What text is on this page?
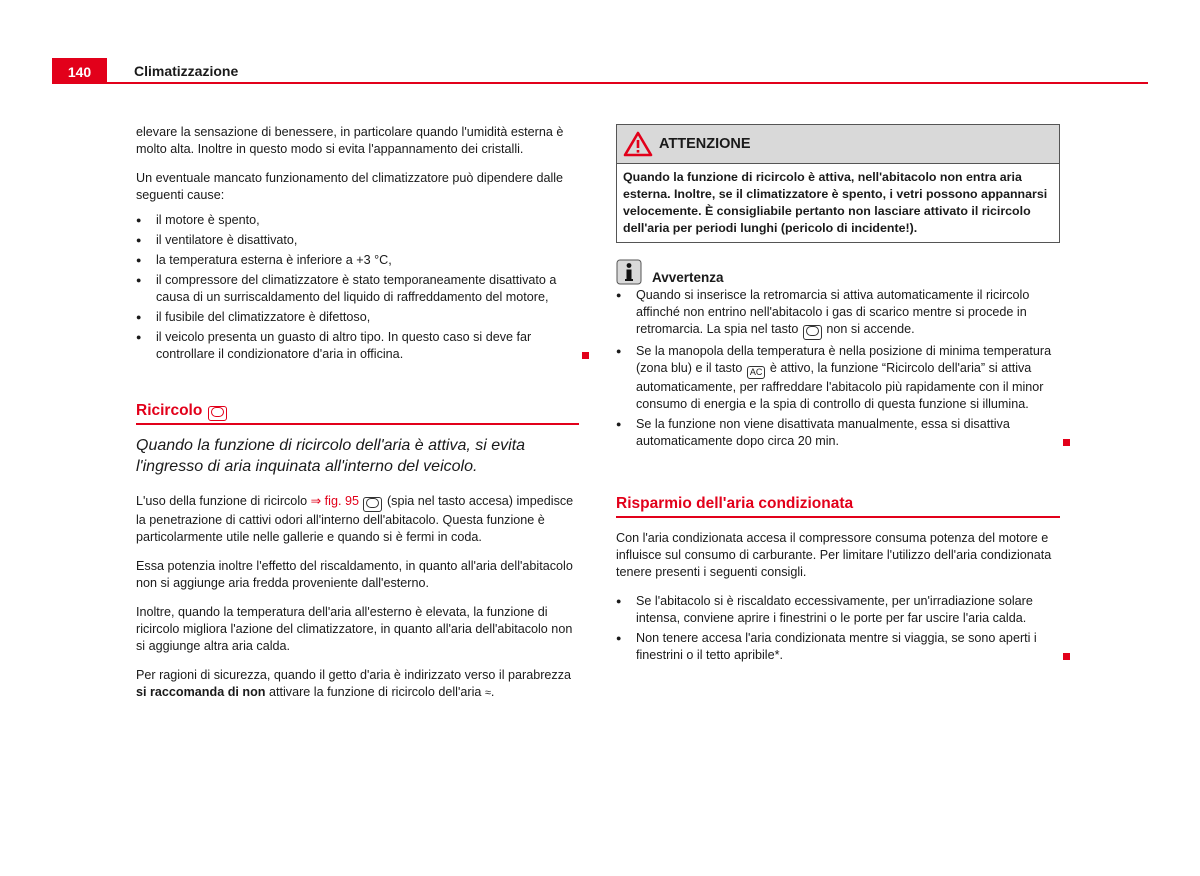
140	Climatizzazione

elevare la sensazione di benessere, in particolare quando l'umidità esterna è molto alta. Inoltre in questo modo si evita l'appannamento dei cristalli.

Un eventuale mancato funzionamento del climatizzatore può dipendere dalle seguenti cause:

● il motore è spento,
● il ventilatore è disattivato,
● la temperatura esterna è inferiore a +3 °C,
● il compressore del climatizzatore è stato temporaneamente disattivato a causa di un surriscaldamento del liquido di raffreddamento del motore,
● il fusibile del climatizzatore è difettoso,
● il veicolo presenta un guasto di altro tipo. In questo caso si deve far controllare il condizionatore d'aria in officina.
Ricircolo

Quando la funzione di ricircolo dell'aria è attiva, si evita l'ingresso di aria inquinata all'interno del veicolo.

L'uso della funzione di ricircolo ⇒ fig. 95  (spia nel tasto accesa) impedisce la penetrazione di cattivi odori all'interno dell'abitacolo. Questa funzione è particolarmente utile nelle gallerie e quando si è fermi in coda.

Essa potenzia inoltre l'effetto del riscaldamento, in quanto all'aria dell'abitacolo non si aggiunge aria fredda proveniente dall'esterno.

Inoltre, quando la temperatura dell'aria all'esterno è elevata, la funzione di ricircolo migliora l'azione del climatizzatore, in quanto all'aria dell'abitacolo non si aggiunge altra aria calda.

Per ragioni di sicurezza, quando il getto d'aria è indirizzato verso il parabrezza si raccomanda di non attivare la funzione di ricircolo dell'aria ≈.

ATTENZIONE
Quando la funzione di ricircolo è attiva, nell'abitacolo non entra aria esterna. Inoltre, se il climatizzatore è spento, i vetri possono appannarsi velocemente. È consigliabile pertanto non lasciare attivato il ricircolo dell'aria per periodi lunghi (pericolo di incidente!).
Avvertenza
● Quando si inserisce la retromarcia si attiva automaticamente il ricircolo affinché non entrino nell'abitacolo i gas di scarico mentre si procede in retromarcia. La spia nel tasto  non si accende.
● Se la manopola della temperatura è nella posizione di minima temperatura (zona blu) e il tasto AC è attivo, la funzione “Ricircolo dell'aria” si attiva automaticamente, per raffreddare l'abitacolo più rapidamente con il minor consumo di energia e la spia di controllo di questa funzione si illumina.
● Se la funzione non viene disattivata manualmente, essa si disattiva automaticamente dopo circa 20 min.
Risparmio dell'aria condizionata

Con l'aria condizionata accesa il compressore consuma potenza del motore e influisce sul consumo di carburante. Per limitare l'utilizzo dell'aria condizionata tenere presenti i seguenti consigli.

● Se l'abitacolo si è riscaldato eccessivamente, per un'irradiazione solare intensa, conviene aprire i finestrini o le porte per far uscire l'aria calda.
● Non tenere accesa l'aria condizionata mentre si viaggia, se sono aperti i finestrini o il tetto apribile*.
